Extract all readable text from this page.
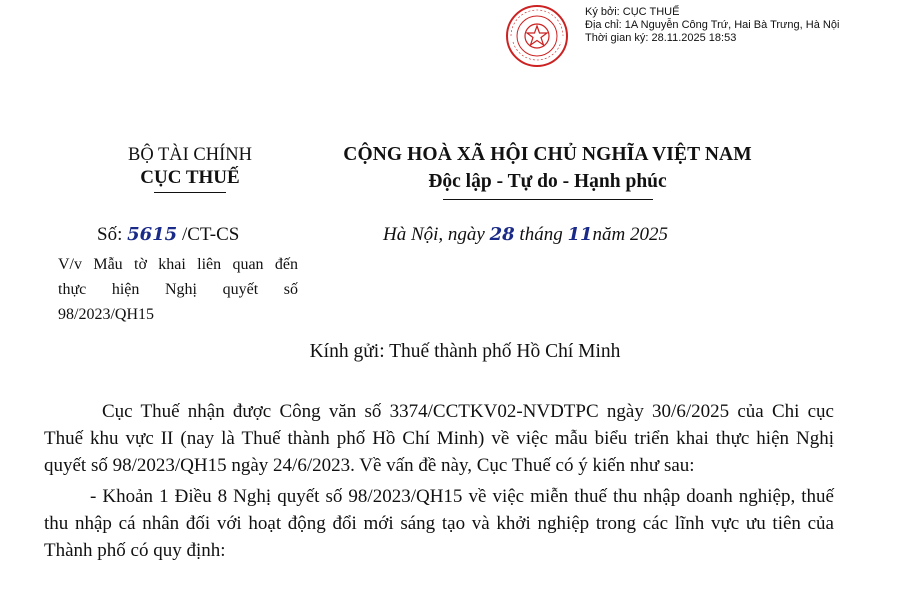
Ký bởi: CỤC THUẾ
Địa chỉ: 1A Nguyễn Công Trứ, Hai Bà Trưng, Hà Nội
Thời gian ký: 28.11.2025 18:53
BỘ TÀI CHÍNH
CỤC THUẾ
CỘNG HOÀ XÃ HỘI CHỦ NGHĨA VIỆT NAM
Độc lập - Tự do - Hạnh phúc
Số: 5615 /CT-CS	Hà Nội, ngày 28 tháng 11năm 2025
V/v Mẫu tờ khai liên quan đến
thực hiện Nghị quyết số
98/2023/QH15
Kính gửi: Thuế thành phố Hồ Chí Minh

Cục Thuế nhận được Công văn số 3374/CCTKV02-NVDTPC ngày 30/6/2025 của Chi cục Thuế khu vực II (nay là Thuế thành phố Hồ Chí Minh) về việc mẫu biểu triển khai thực hiện Nghị quyết số 98/2023/QH15 ngày 24/6/2023. Về vấn đề này, Cục Thuế có ý kiến như sau:

- Khoản 1 Điều 8 Nghị quyết số 98/2023/QH15 về việc miễn thuế thu nhập doanh nghiệp, thuế thu nhập cá nhân đối với hoạt động đổi mới sáng tạo và khởi nghiệp trong các lĩnh vực ưu tiên của Thành phố có quy định:
